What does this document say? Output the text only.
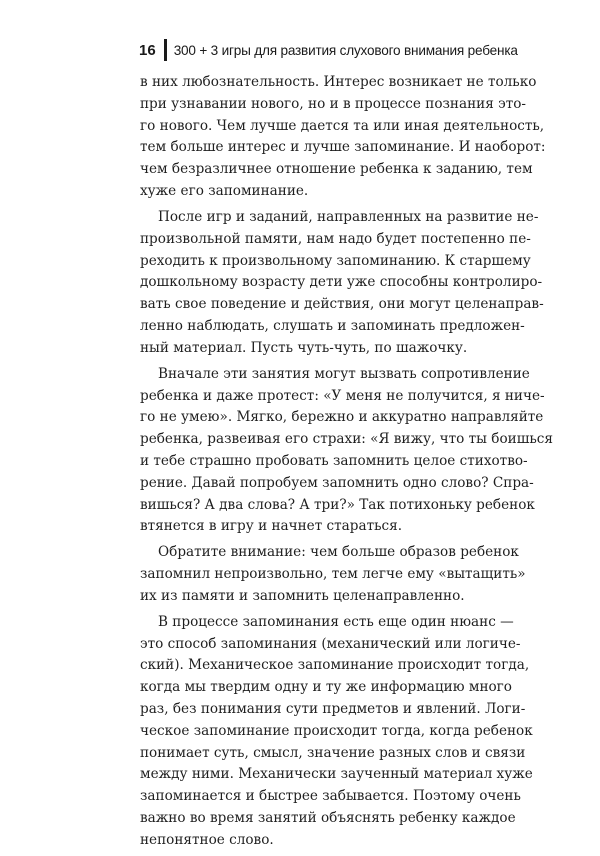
16 300 + 3 игры для развития слухового внимания ребенка
в них любознательность. Интерес возникает не только
при узнавании нового, но и в процессе познания это-
го нового. Чем лучше дается та или иная деятельность,
тем больше интерес и лучше запоминание. И наоборот:
чем безразличнее отношение ребенка к заданию, тем
хуже его запоминание.
После игр и заданий, направленных на развитие не-
произвольной памяти, нам надо будет постепенно пе-
реходить к произвольному запоминанию. К старшему
дошкольному возрасту дети уже способны контролиро-
вать свое поведение и действия, они могут целенаправ-
ленно наблюдать, слушать и запоминать предложен-
ный материал. Пусть чуть-чуть, по шажочку.
Вначале эти занятия могут вызвать сопротивление
ребенка и даже протест: «У меня не получится, я ниче-
го не умею». Мягко, бережно и аккуратно направляйте
ребенка, развеивая его страхи: «Я вижу, что ты боишься
и тебе страшно пробовать запомнить целое стихотво-
рение. Давай попробуем запомнить одно слово? Спра-
вишься? А два слова? А три?» Так потихоньку ребенок
втянется в игру и начнет стараться.
Обратите внимание: чем больше образов ребенок
запомнил непроизвольно, тем легче ему «вытащить»
их из памяти и запомнить целенаправленно.
В процессе запоминания есть еще один нюанс —
это способ запоминания (механический или логиче-
ский). Механическое запоминание происходит тогда,
когда мы твердим одну и ту же информацию много
раз, без понимания сути предметов и явлений. Логи-
ческое запоминание происходит тогда, когда ребенок
понимает суть, смысл, значение разных слов и связи
между ними. Механически заученный материал хуже
запоминается и быстрее забывается. Поэтому очень
важно во время занятий объяснять ребенку каждое
непонятное слово.
